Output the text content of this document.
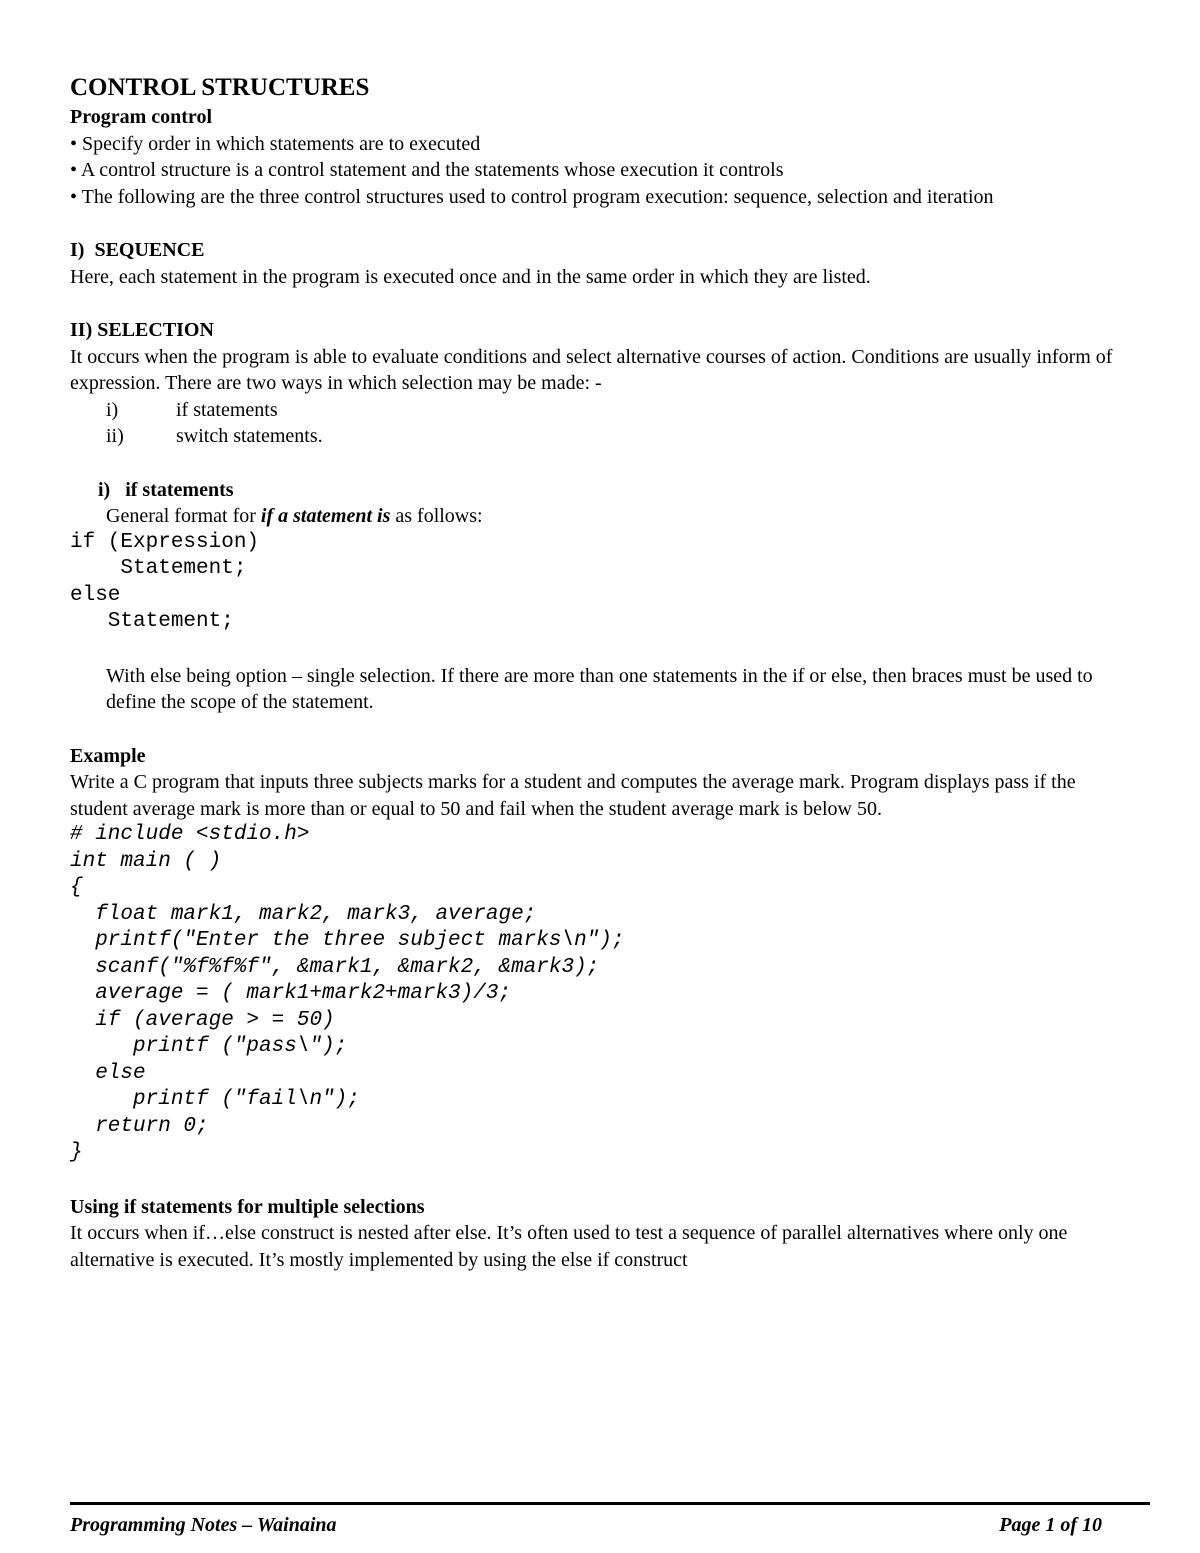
CONTROL STRUCTURES

Program control

• Specify order in which statements are to executed

• A control structure is a control statement and the statements whose execution it controls

• The following are the three control structures used to control program execution: sequence, selection and iteration

I)  SEQUENCE

Here, each statement in the program is executed once and in the same order in which they are listed.

II) SELECTION

It occurs when the program is able to evaluate conditions and select alternative courses of action. Conditions are usually inform of expression. There are two ways in which selection may be made: -

i)	if statements
ii)	switch statements.

i)   if statements

General format for if a statement is as follows:

if (Expression)
Statement;
else
Statement;

With else being option – single selection. If there are more than one statements in the if or else, then braces must be used to define the scope of the statement.

Example

Write a C program that inputs three subjects marks for a student and computes the average mark. Program displays pass if the student average mark is more than or equal to 50 and fail when the student average mark is below 50.

# include <stdio.h>
int main ( )
{
float mark1, mark2, mark3, average;
printf("Enter the three subject marks\n");
scanf("%f%f%f", &mark1, &mark2, &mark3);
average = ( mark1+mark2+mark3)/3;
if (average > = 50)
printf ("pass\");
else
printf ("fail\n");
return 0;
}

Using if statements for multiple selections

It occurs when if…else construct is nested after else. It’s often used to test a sequence of parallel alternatives where only one alternative is executed. It’s mostly implemented by using the else if construct

Programming Notes – Wainaina	Page 1 of 10
